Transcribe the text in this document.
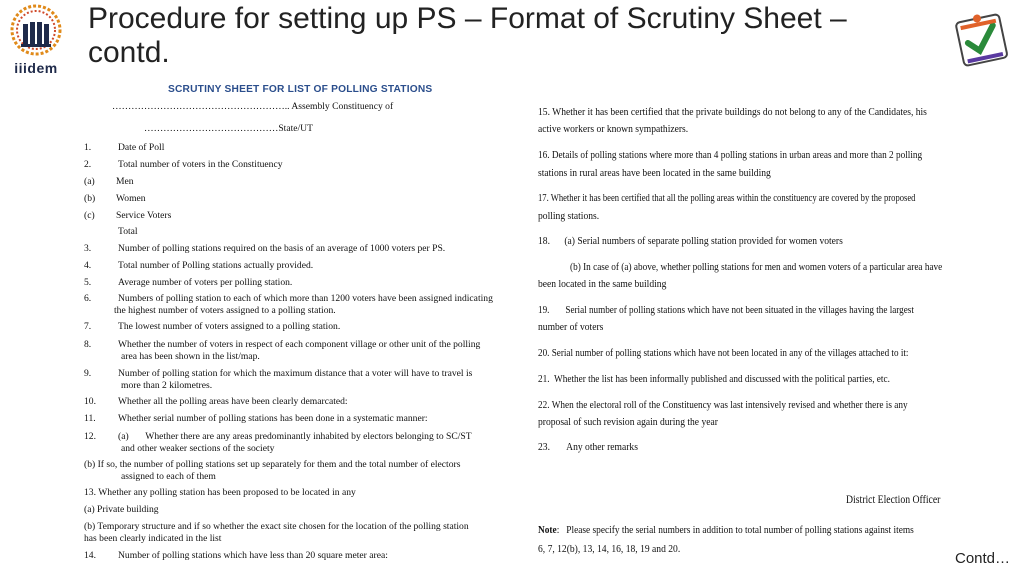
iiidem
Procedure for setting up PS – Format of Scrutiny Sheet –
contd.
SCRUTINY SHEET FOR LIST OF POLLING STATIONS
……………………………………………….. Assembly Constituency of
……………………………………State/UT
1.	Date of Poll
2.	Total number of voters in the Constituency
(a) Men
(b) Women
(c) Service Voters
Total
3.	Number of polling stations required on the basis of an average of 1000 voters per PS.
4.	Total number of Polling stations actually provided.
5.	Average number of voters per polling station.
6.	Numbers of polling station to each of which more than 1200 voters have been assigned indicating
the highest number of voters assigned to a polling station.
7.	The lowest number of voters assigned to a polling station.
8.	Whether the number of voters in respect of each component village or other unit of the polling
area has been shown in the list/map.
9.	Number of polling station for which the maximum distance that a voter will have to travel is
more than 2 kilometres.
10. Whether all the polling areas have been clearly demarcated:
11. Whether serial number of polling stations has been done in a systematic manner:
12. (a)       Whether there are any areas predominantly inhabited by electors belonging to SC/ST
and other weaker sections of the society
(b) If so, the number of polling stations set up separately for them and the total number of electors
assigned to each of them
13. Whether any polling station has been proposed to be located in any
(a) Private building
(b) Temporary structure and if so whether the exact site chosen for the location of the polling station
has been clearly indicated in the list
14. Number of polling stations which have less than 20 square meter area:
15. Whether it has been certified that the private buildings do not belong to any of the Candidates, his
active workers or known sympathizers.
16. Details of polling stations where more than 4 polling stations in urban areas and more than 2 polling
stations in rural areas have been located in the same building
17. Whether it has been certified that all the polling areas within the constituency are covered by the proposed
polling stations.
18.      (a) Serial numbers of separate polling station provided for women voters
(b) In case of (a) above, whether polling stations for men and women voters of a particular area have
been located in the same building
19.       Serial number of polling stations which have not been situated in the villages having the largest
number of voters
20. Serial number of polling stations which have not been located in any of the villages attached to it:
21.  Whether the list has been informally published and discussed with the political parties, etc.
22. When the electoral roll of the Constituency was last intensively revised and whether there is any
proposal of such revision again during the year
23.       Any other remarks
District Election Officer
Note:   Please specify the serial numbers in addition to total number of polling stations against items
6, 7, 12(b), 13, 14, 16, 18, 19 and 20.
Contd…
